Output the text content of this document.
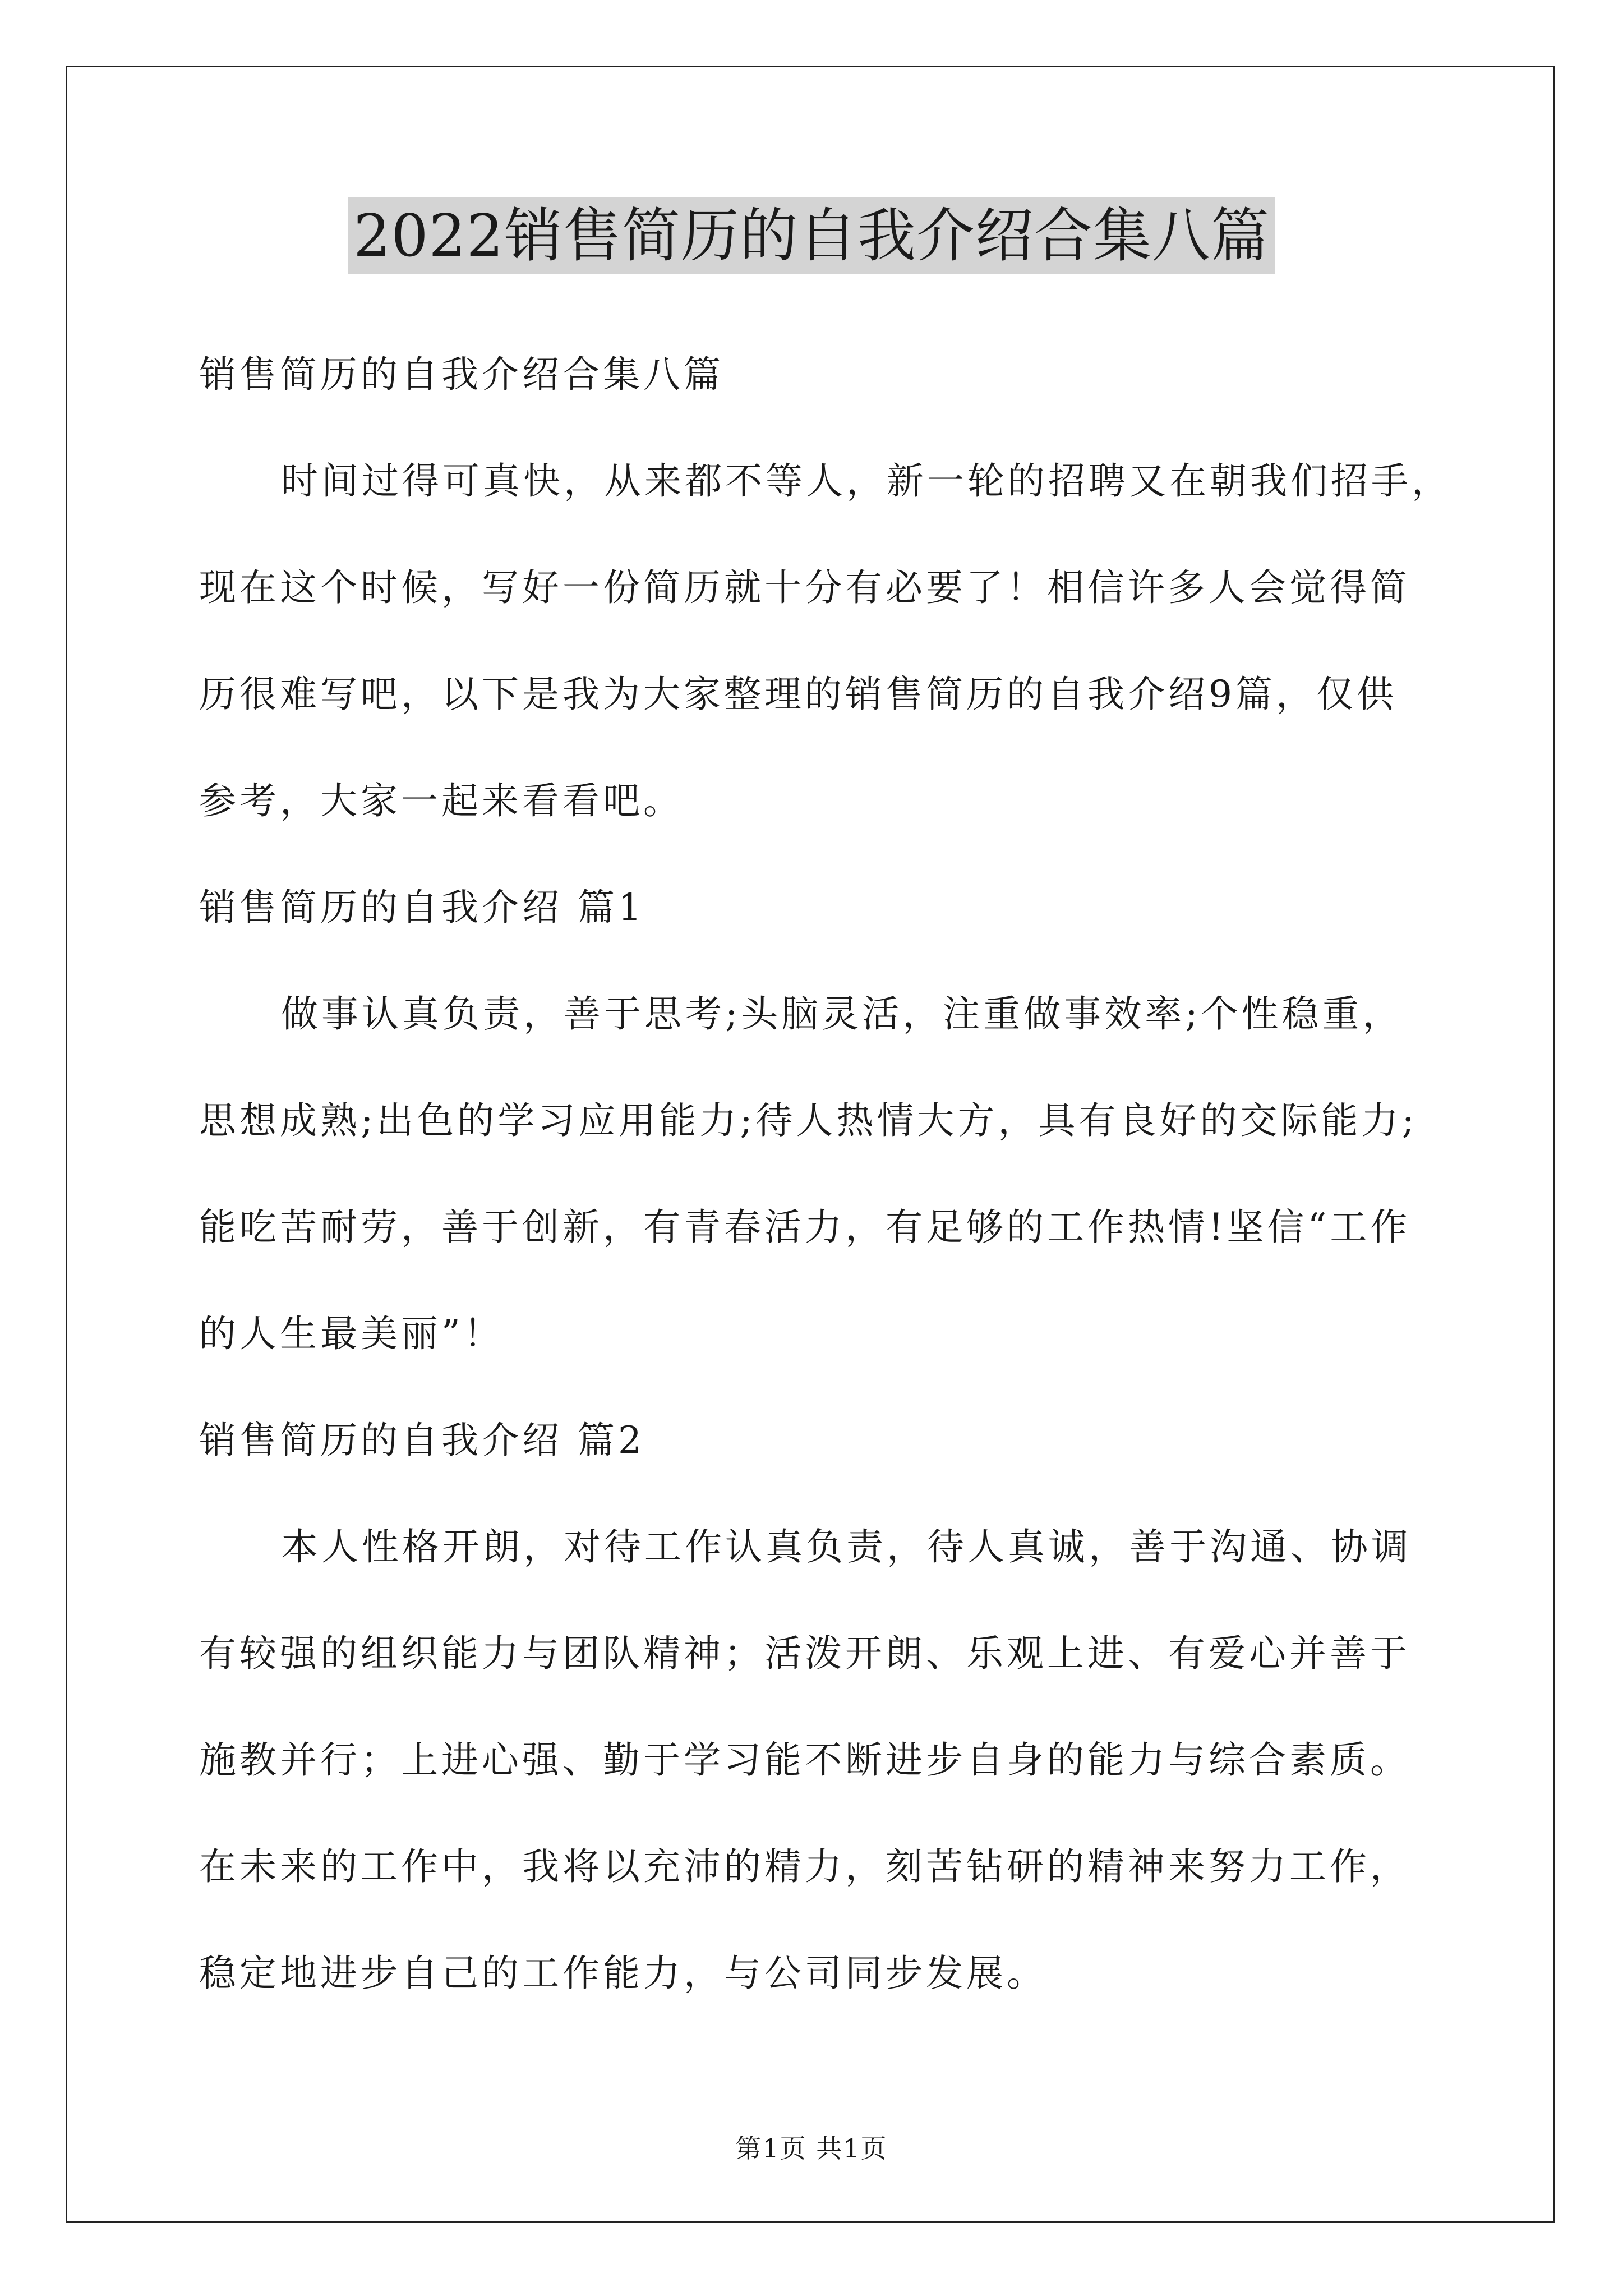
2022销售简历的自我介绍合集八篇
销售简历的自我介绍合集八篇
时间过得可真快，从来都不等人，新一轮的招聘又在朝我们招手，
现在这个时候，写好一份简历就十分有必要了！相信许多人会觉得简
历很难写吧，以下是我为大家整理的销售简历的自我介绍9篇，仅供
参考，大家一起来看看吧。
销售简历的自我介绍 篇1
做事认真负责，善于思考;头脑灵活，注重做事效率;个性稳重，
思想成熟;出色的学习应用能力;待人热情大方，具有良好的交际能力;
能吃苦耐劳，善于创新，有青春活力，有足够的工作热情!坚信“工作
的人生最美丽”！
销售简历的自我介绍 篇2
本人性格开朗，对待工作认真负责，待人真诚，善于沟通、协调
有较强的组织能力与团队精神；活泼开朗、乐观上进、有爱心并善于
施教并行；上进心强、勤于学习能不断进步自身的能力与综合素质。
在未来的工作中，我将以充沛的精力，刻苦钻研的精神来努力工作，
稳定地进步自己的工作能力，与公司同步发展。
第1页 共1页
